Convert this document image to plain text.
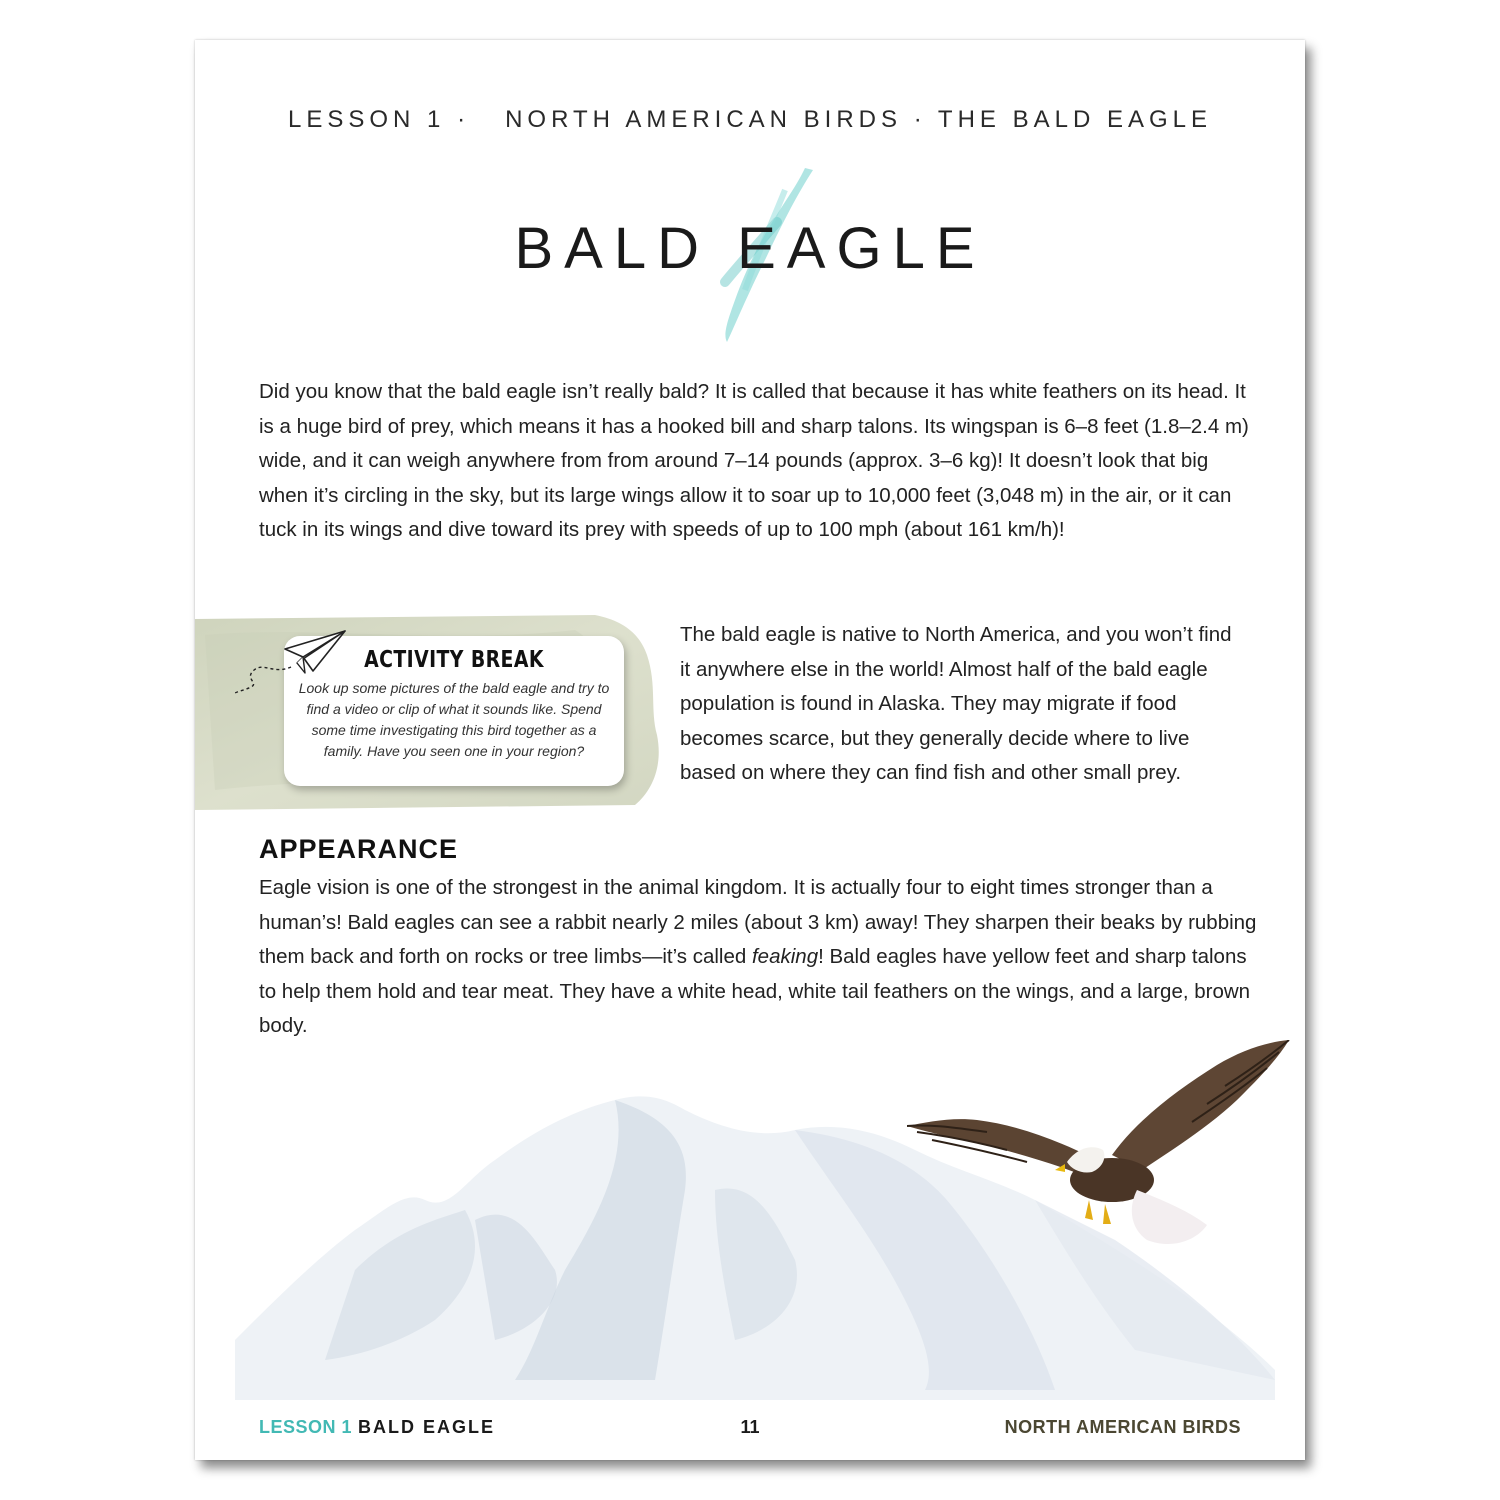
LESSON 1 · NORTH AMERICAN BIRDS · THE BALD EAGLE
BALD EAGLE

Did you know that the bald eagle isn’t really bald? It is called that because it has white feathers on its head. It is a huge bird of prey, which means it has a hooked bill and sharp talons. Its wingspan is 6–8 feet (1.8–2.4 m) wide, and it can weigh anywhere from from around 7–14 pounds (approx. 3–6 kg)! It doesn’t look that big when it’s circling in the sky, but its large wings allow it to soar up to 10,000 feet (3,048 m) in the air, or it can tuck in its wings and dive toward its prey with speeds of up to 100 mph (about 161 km/h)!

ACTIVITY BREAK
Look up some pictures of the bald eagle and try to find a video or clip of what it sounds like. Spend some time investigating this bird together as a family. Have you seen one in your region?

The bald eagle is native to North America, and you won’t find it anywhere else in the world! Almost half of the bald eagle population is found in Alaska. They may migrate if food becomes scarce, but they generally decide where to live based on where they can find fish and other small prey.

APPEARANCE

Eagle vision is one of the strongest in the animal kingdom. It is actually four to eight times stronger than a human’s! Bald eagles can see a rabbit nearly 2 miles (about 3 km) away! They sharpen their beaks by rubbing them back and forth on rocks or tree limbs—it’s called feaking! Bald eagles have yellow feet and sharp talons to help them hold and tear meat. They have a white head, white tail feathers on the wings, and a large, brown body.

LESSON 1 BALD EAGLE	11	NORTH AMERICAN BIRDS
